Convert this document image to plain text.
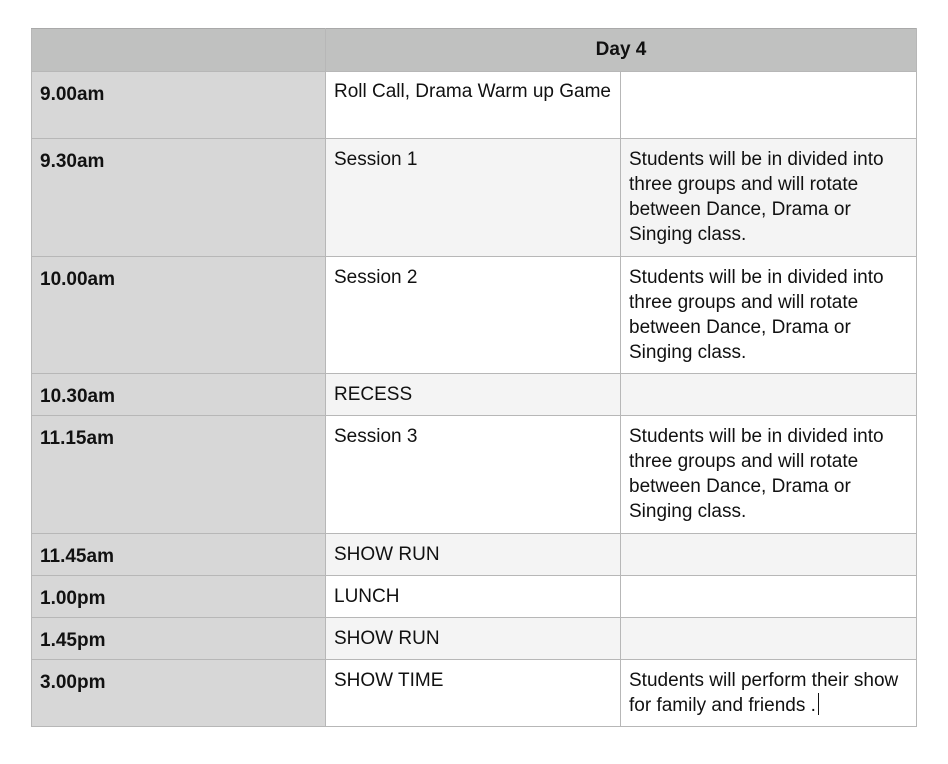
	Day 4	
9.00am	Roll Call, Drama Warm up Game	
9.30am	Session 1	Students will be in divided into three groups and will rotate between Dance, Drama or Singing class.
10.00am	Session 2	Students will be in divided into three groups and will rotate between Dance, Drama or Singing class.
10.30am	RECESS	
11.15am	Session 3	Students will be in divided into three groups and will rotate between Dance, Drama or Singing class.
11.45am	SHOW RUN	
1.00pm	LUNCH	
1.45pm	SHOW RUN	
3.00pm	SHOW TIME	Students will perform their show for family and friends .
